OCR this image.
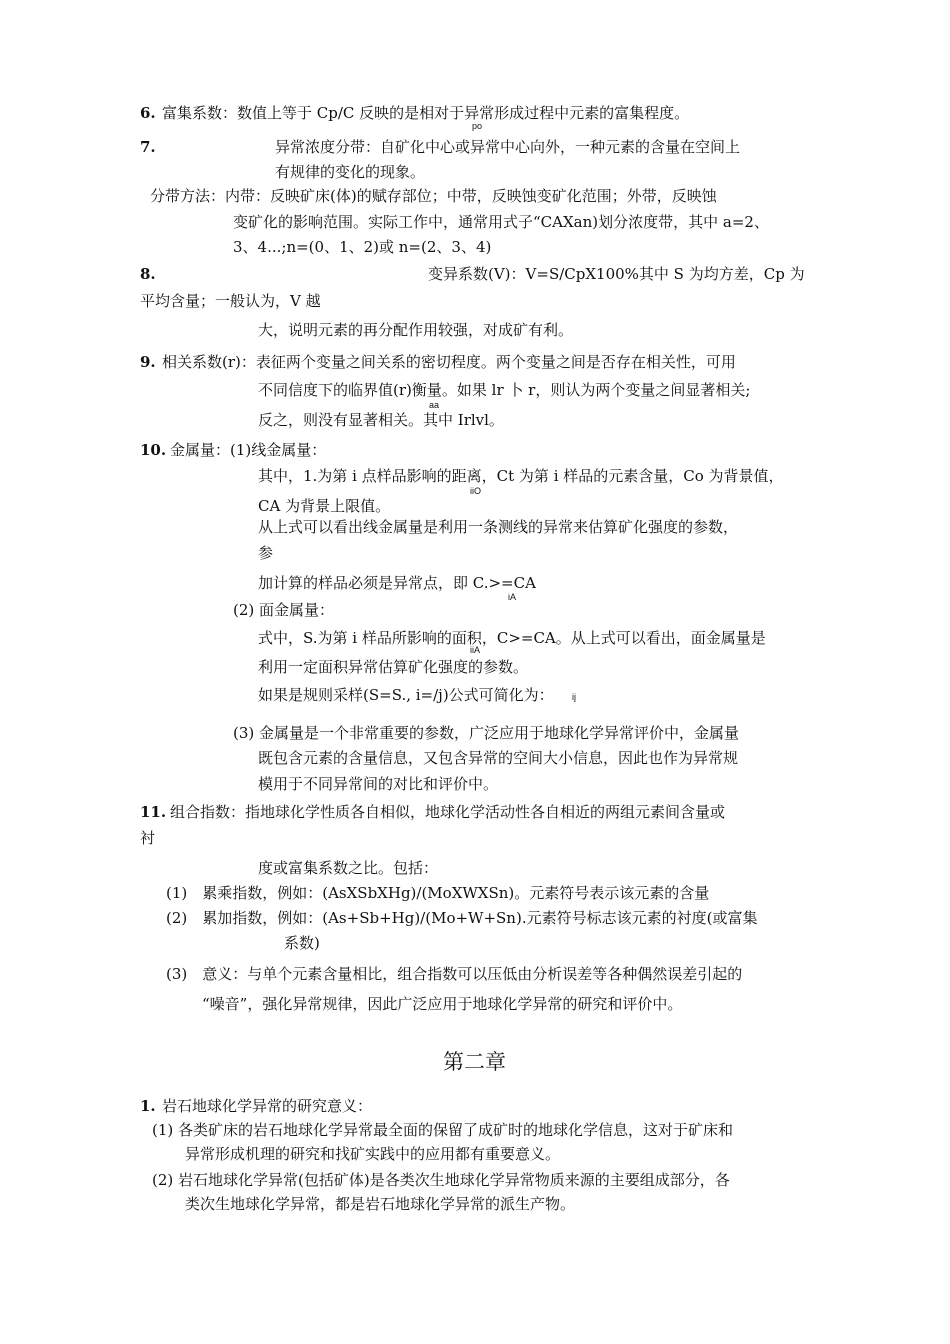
6. 富集系数：数值上等于 Cp/C 反映的是相对于异常形成过程中元素的富集程度。
po
7.	异常浓度分带：自矿化中心或异常中心向外，一种元素的含量在空间上
有规律的变化的现象。
分带方法：内带：反映矿床(体)的赋存部位；中带，反映蚀变矿化范围；外带，反映蚀
变矿化的影响范围。实际工作中，通常用式子“CAXan)划分浓度带，其中 a=2、
3、4...;n=(0、1、2)或 n=(2、3、4)
8.	变异系数(V)：V=S/CpX100%其中 S 为均方差，Cp 为
平均含量；一般认为，V 越
大，说明元素的再分配作用较强，对成矿有利。
9. 相关系数(r)：表征两个变量之间关系的密切程度。两个变量之间是否存在相关性，可用
不同信度下的临界值(r)衡量。如果 lr 卜 r，则认为两个变量之间显著相关;
aa
反之，则没有显著相关。其中 Irlvl。
10. 金属量：(1)线金属量：
其中，1.为第 i 点样品影响的距离，Ct 为第 i 样品的元素含量，Co 为背景值，
iiO
CA 为背景上限值。
从上式可以看出线金属量是利用一条测线的异常来估算矿化强度的参数，
参
加计算的样品必须是异常点，即 C.>=CA
iA
(2) 面金属量：
式中，S.为第 i 样品所影响的面积，C>=CA。从上式可以看出，面金属量是
iiA
利用一定面积异常估算矿化强度的参数。
如果是规则采样(S=S., i=/j)公式可简化为： ij
(3) 金属量是一个非常重要的参数，广泛应用于地球化学异常评价中，金属量
既包含元素的含量信息，又包含异常的空间大小信息，因此也作为异常规
模用于不同异常间的对比和评价中。
11. 组合指数：指地球化学性质各自相似，地球化学活动性各自相近的两组元素间含量或
衬
度或富集系数之比。包括：
(1)　累乘指数，例如：(AsXSbXHg)/(MoXWXSn)。元素符号表示该元素的含量
(2)　累加指数，例如：(As+Sb+Hg)/(Mo+W+Sn).元素符号标志该元素的衬度(或富集
系数)
(3)　意义：与单个元素含量相比，组合指数可以压低由分析误差等各种偶然误差引起的
“噪音”，强化异常规律，因此广泛应用于地球化学异常的研究和评价中。
第二章
1. 岩石地球化学异常的研究意义：
(1) 各类矿床的岩石地球化学异常最全面的保留了成矿时的地球化学信息，这对于矿床和
异常形成机理的研究和找矿实践中的应用都有重要意义。
(2) 岩石地球化学异常(包括矿体)是各类次生地球化学异常物质来源的主要组成部分，各
类次生地球化学异常，都是岩石地球化学异常的派生产物。
